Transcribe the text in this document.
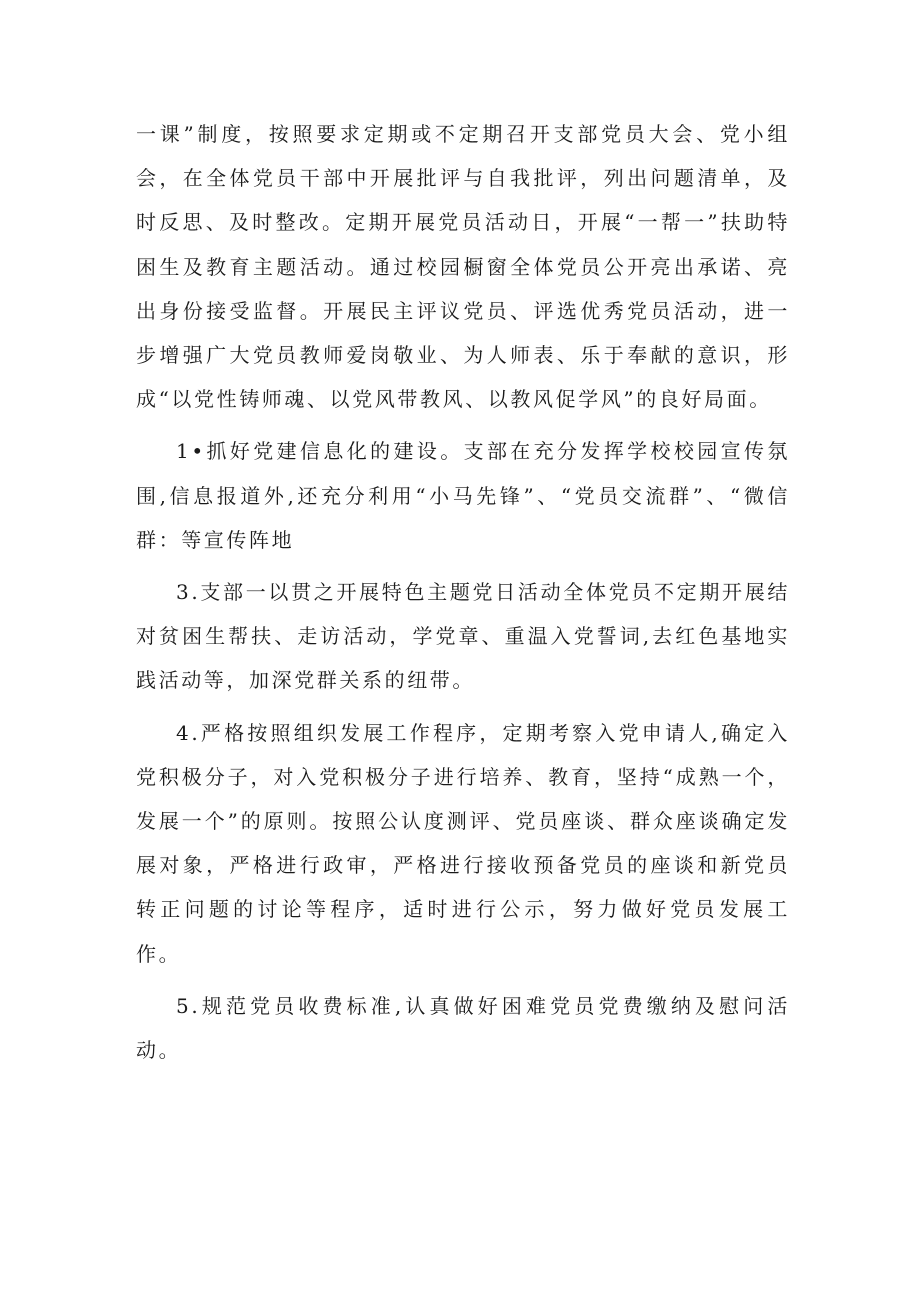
一课”制度，按照要求定期或不定期召开支部党员大会、党小组会，在全体党员干部中开展批评与自我批评，列出问题清单，及时反思、及时整改。定期开展党员活动日，开展“一帮一”扶助特困生及教育主题活动。通过校园橱窗全体党员公开亮出承诺、亮出身份接受监督。开展民主评议党员、评选优秀党员活动，进一步增强广大党员教师爱岗敬业、为人师表、乐于奉献的意识，形成“以党性铸师魂、以党风带教风、以教风促学风”的良好局面。

1•抓好党建信息化的建设。支部在充分发挥学校校园宣传氛围,信息报道外,还充分利用“小马先锋”、“党员交流群”、“微信群：等宣传阵地

3.支部一以贯之开展特色主题党日活动全体党员不定期开展结对贫困生帮扶、走访活动，学党章、重温入党誓词,去红色基地实践活动等，加深党群关系的纽带。

4.严格按照组织发展工作程序，定期考察入党申请人,确定入党积极分子，对入党积极分子进行培养、教育，坚持“成熟一个，发展一个”的原则。按照公认度测评、党员座谈、群众座谈确定发展对象，严格进行政审，严格进行接收预备党员的座谈和新党员转正问题的讨论等程序，适时进行公示，努力做好党员发展工作。

5.规范党员收费标准,认真做好困难党员党费缴纳及慰问活动。
